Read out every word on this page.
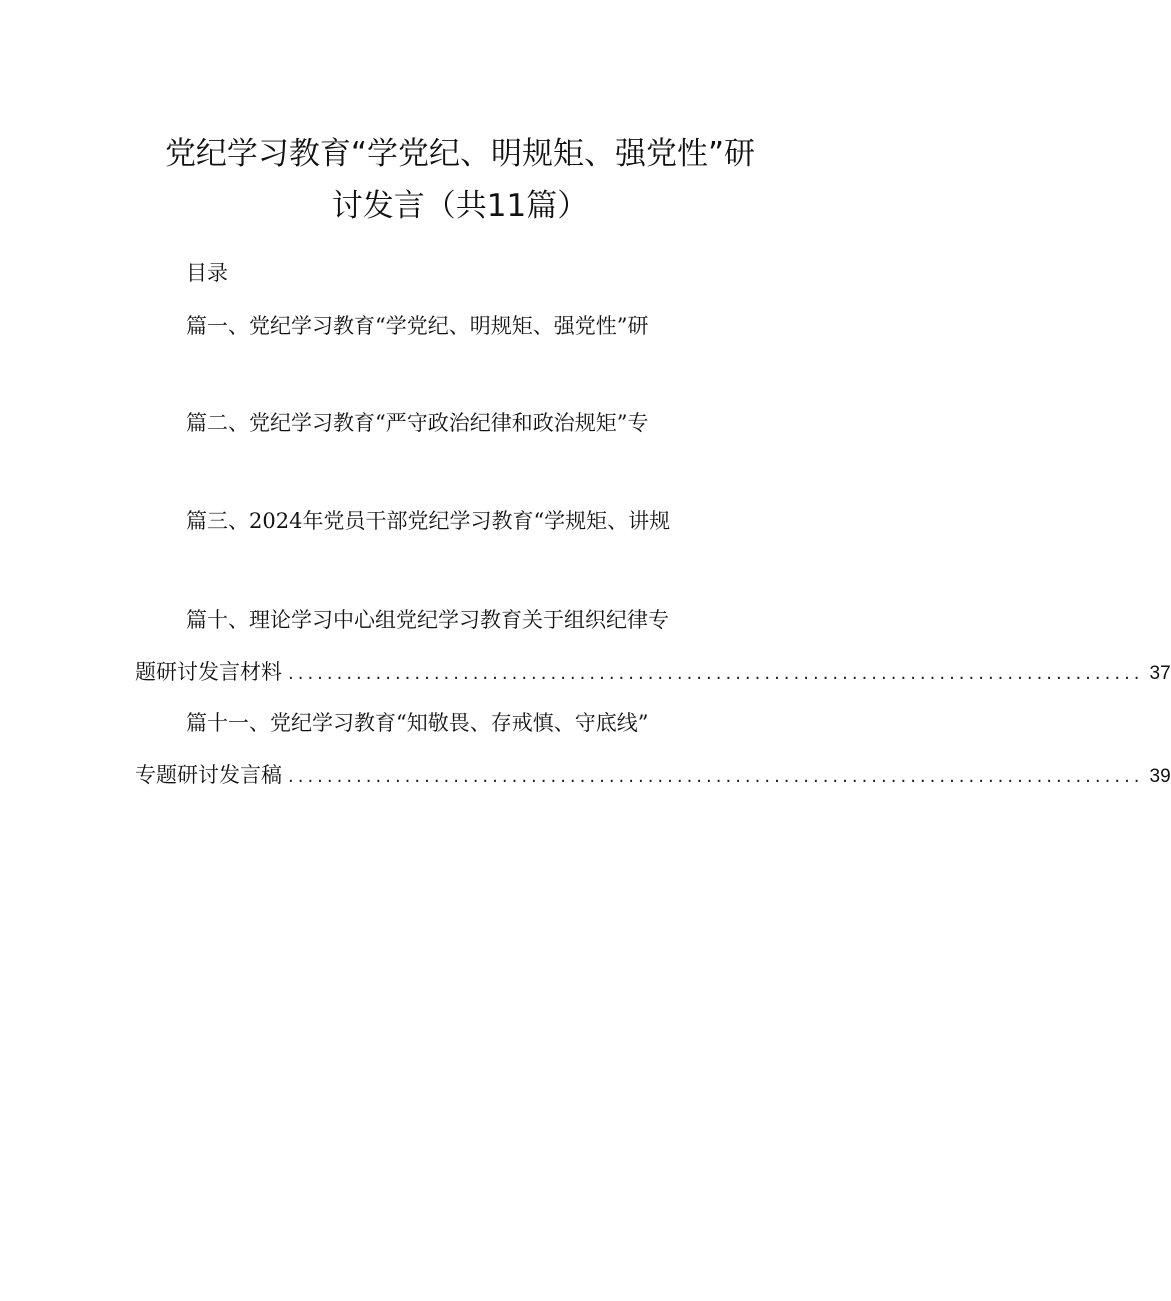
党纪学习教育“学党纪、明规矩、强党性”研
讨发言（共11篇）
目录
篇一、党纪学习教育“学党纪、明规矩、强党性”研
篇二、党纪学习教育“严守政治纪律和政治规矩”专
篇三、2024年党员干部党纪学习教育“学规矩、讲规
篇十、理论学习中心组党纪学习教育关于组织纪律专
题研讨发言材料 ........................................................................................ 37
篇十一、党纪学习教育“知敬畏、存戒慎、守底线”
专题研讨发言稿 ........................................................................................ 39
